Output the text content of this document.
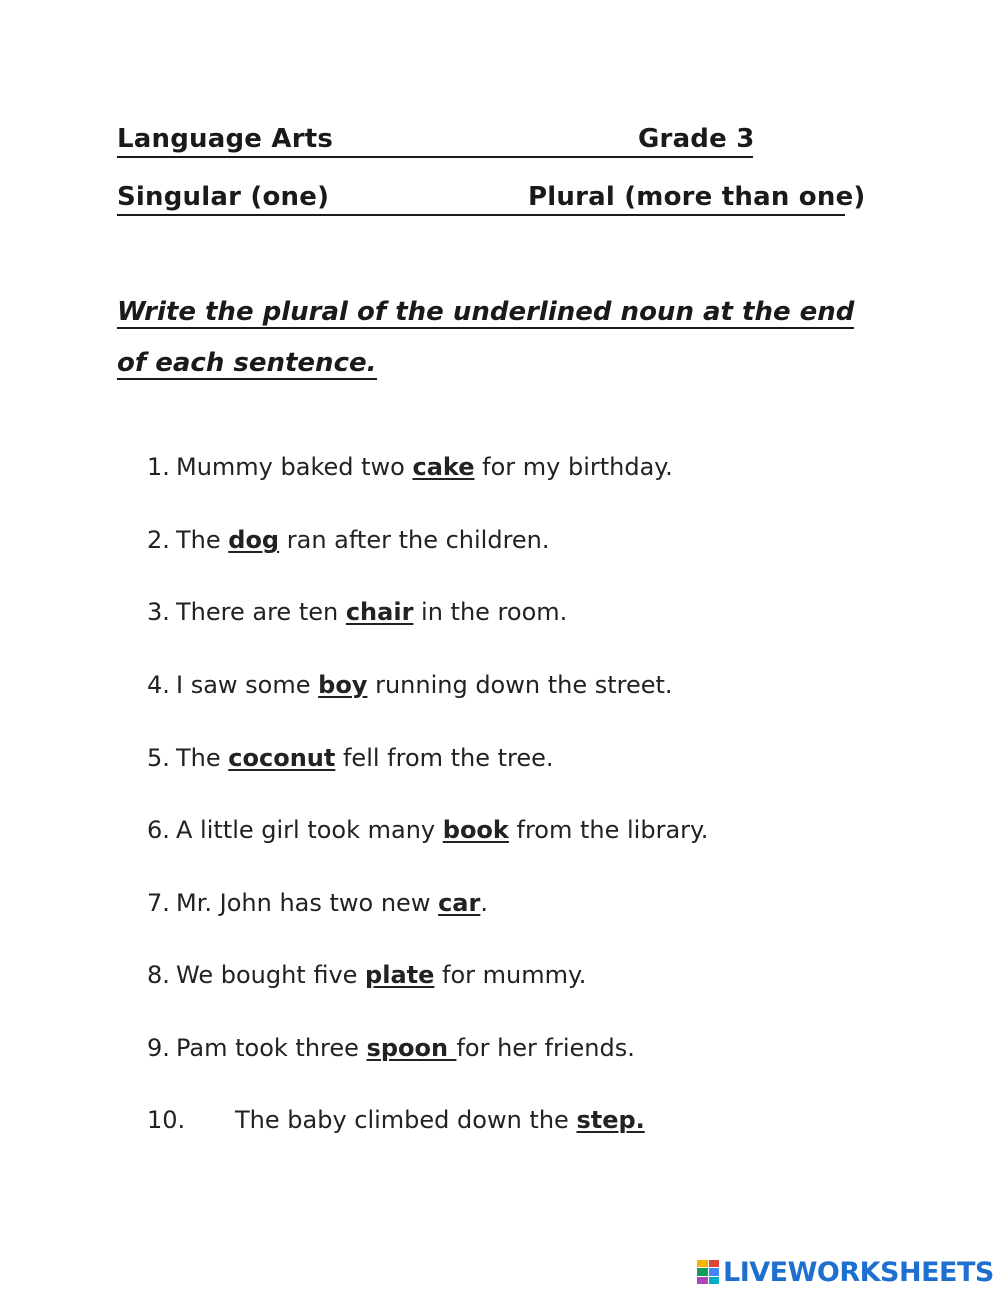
Language Arts	Grade 3
Singular (one)	Plural (more than one)
Write the plural of the underlined noun at the end
of each sentence.
1. Mummy baked two cake for my birthday.
2. The dog ran after the children.
3. There are ten chair in the room.
4. I saw some boy running down the street.
5. The coconut fell from the tree.
6. A little girl took many book from the library.
7. Mr. John has two new car.
8. We bought five plate for mummy.
9. Pam took three spoon for her friends.
10. The baby climbed down the step.
LIVEWORKSHEETS
